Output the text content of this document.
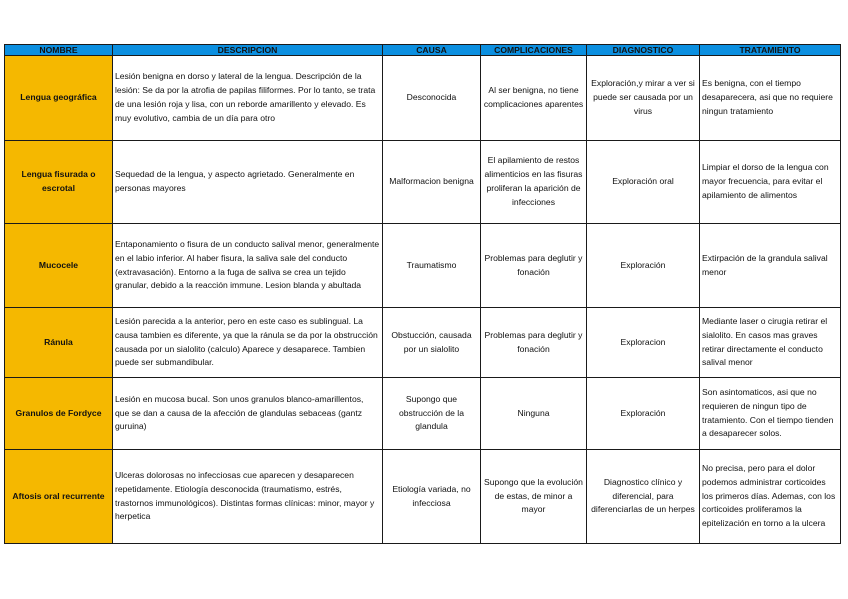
NOMBRE	DESCRIPCION	CAUSA	COMPLICACIONES	DIAGNOSTICO	TRATAMIENTO
Lengua geográfica	Lesión benigna en dorso y lateral de la lengua. Descripción de la lesión: Se da por la atrofia de papilas filiformes. Por lo tanto, se trata de una lesión roja y lisa, con un reborde amarillento y elevado. Es muy evolutivo, cambia de un día para otro	Desconocida	Al ser benigna, no tiene complicaciones aparentes	Exploración,y mirar a ver si puede ser causada por un virus	Es benigna, con el tiempo desaparecera, asi que no requiere ningun tratamiento
Lengua fisurada o escrotal	Sequedad de la lengua, y aspecto agrietado. Generalmente en personas mayores	Malformacion benigna	El apilamiento de restos alimenticios en las fisuras proliferan la aparición de infecciones	Exploración oral	Limpiar el dorso de la lengua con mayor frecuencia, para evitar el apilamiento de alimentos
Mucocele	Entaponamiento o fisura de un conducto salival menor, generalmente en el labio inferior. Al haber fisura, la saliva sale del conducto (extravasación). Entorno a la fuga de saliva se crea un tejido granular, debido a la reacción immune. Lesion blanda y abultada	Traumatismo	Problemas para deglutir y fonación	Exploración	Extirpación de la grandula salival menor
Ránula	Lesión parecida a la anterior, pero en este caso es sublingual. La causa tambien es diferente, ya que la ránula se da por la obstrucción causada por un sialolito (calculo) Aparece y desaparece. Tambien puede ser submandibular.	Obstucción, causada por un sialolito	Problemas para deglutir y fonación	Exploracion	Mediante laser o cirugia retirar el sialolito. En casos mas graves retirar directamente el conducto salival menor
Granulos de Fordyce	Lesión en mucosa bucal. Son unos granulos blanco-amarillentos, que se dan a causa de la afección de glandulas sebaceas (gantz guruina)	Supongo que obstrucción de la glandula	Ninguna	Exploración	Son asintomaticos, asi que no requieren de ningun tipo de tratamiento. Con el tiempo tienden a desaparecer solos.
Aftosis oral recurrente	Ulceras dolorosas no infecciosas cue aparecen y desaparecen repetidamente. Etiología desconocida (traumatismo, estrés, trastornos immunológicos). Distintas formas clínicas: minor, mayor y herpetica	Etiología variada, no infecciosa	Supongo que la evolución de estas, de minor a mayor	Diagnostico clínico y diferencial, para diferenciarlas de un herpes	No precisa, pero para el dolor podemos administrar corticoides los primeros días. Ademas, con los corticoides proliferamos la epitelización en torno a la ulcera
